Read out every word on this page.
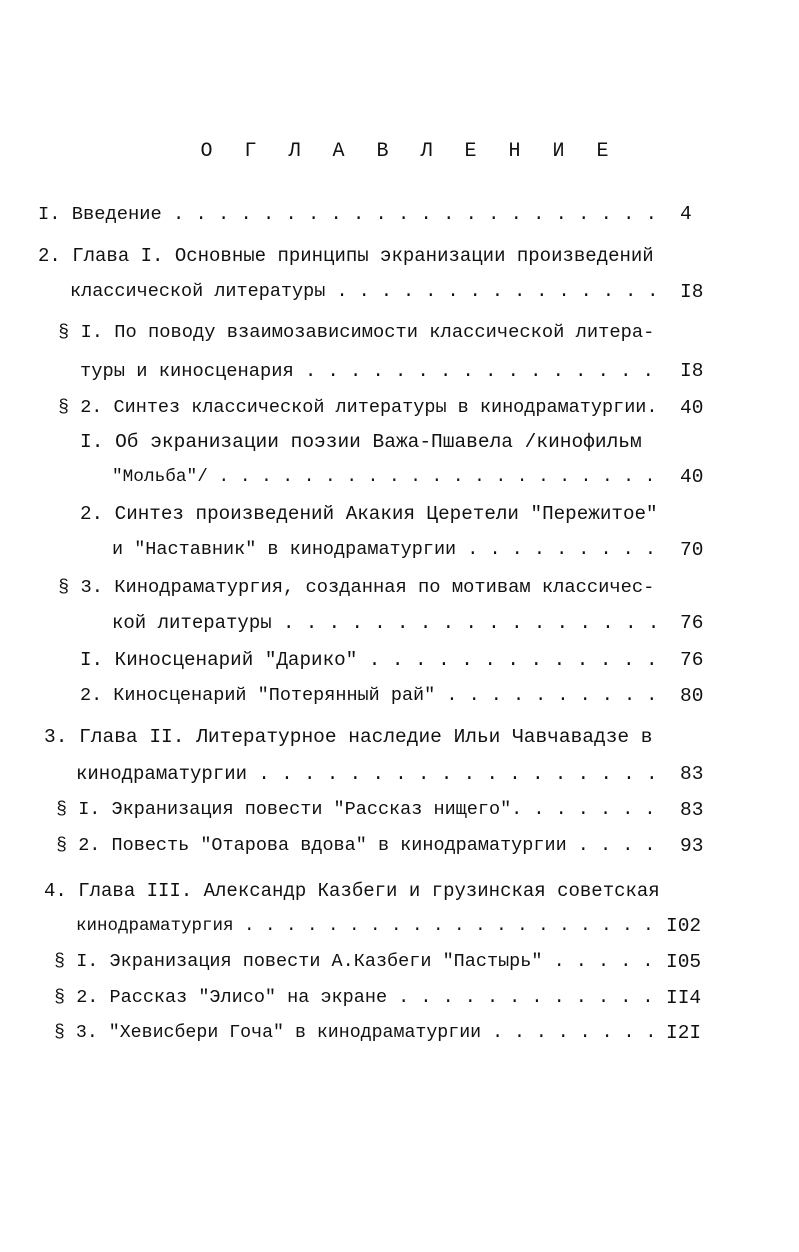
О Г Л А В Л Е Н И Е
I. Введение . . . . . . . . . . . . . . . . . . . . . . 4
2. Глава I. Основные принципы экранизации произведений
классической литературы . . . . . . . . . . . . . . . I8
§ I. По поводу взаимозависимости классической литера-
туры и киносценария . . . . . . . . . . . . . . . . I8
§ 2. Синтез классической литературы в кинодраматургии. 40
I. Об экранизации поэзии Важа-Пшавела /кинофильм
"Мольба"/ . . . . . . . . . . . . . . . . . . . . . 40
2. Синтез произведений Акакия Церетели "Пережитое"
и "Наставник" в кинодраматургии . . . . . . . . . 70
§ 3. Кинодраматургия, созданная по мотивам классичес-
кой литературы . . . . . . . . . . . . . . . . . 76
I. Киносценарий "Дарико" . . . . . . . . . . . . . 76
2. Киносценарий "Потерянный рай" . . . . . . . . . . 80
3. Глава II. Литературное наследие Ильи Чавчавадзе в
кинодраматургии . . . . . . . . . . . . . . . . . . 83
§ I. Экранизация повести "Рассказ нищего". . . . . . . 83
§ 2. Повесть "Отарова вдова" в кинодраматургии . . . . 93
4. Глава III. Александр Казбеги и грузинская советская
кинодраматургия . . . . . . . . . . . . . . . . . . . . I02
§ I. Экранизация повести А.Казбеги "Пастырь" . . . . . I05
§ 2. Рассказ "Элисо" на экране . . . . . . . . . . . . II4
§ 3. "Хевисбери Гоча" в кинодраматургии . . . . . . . . I2I
